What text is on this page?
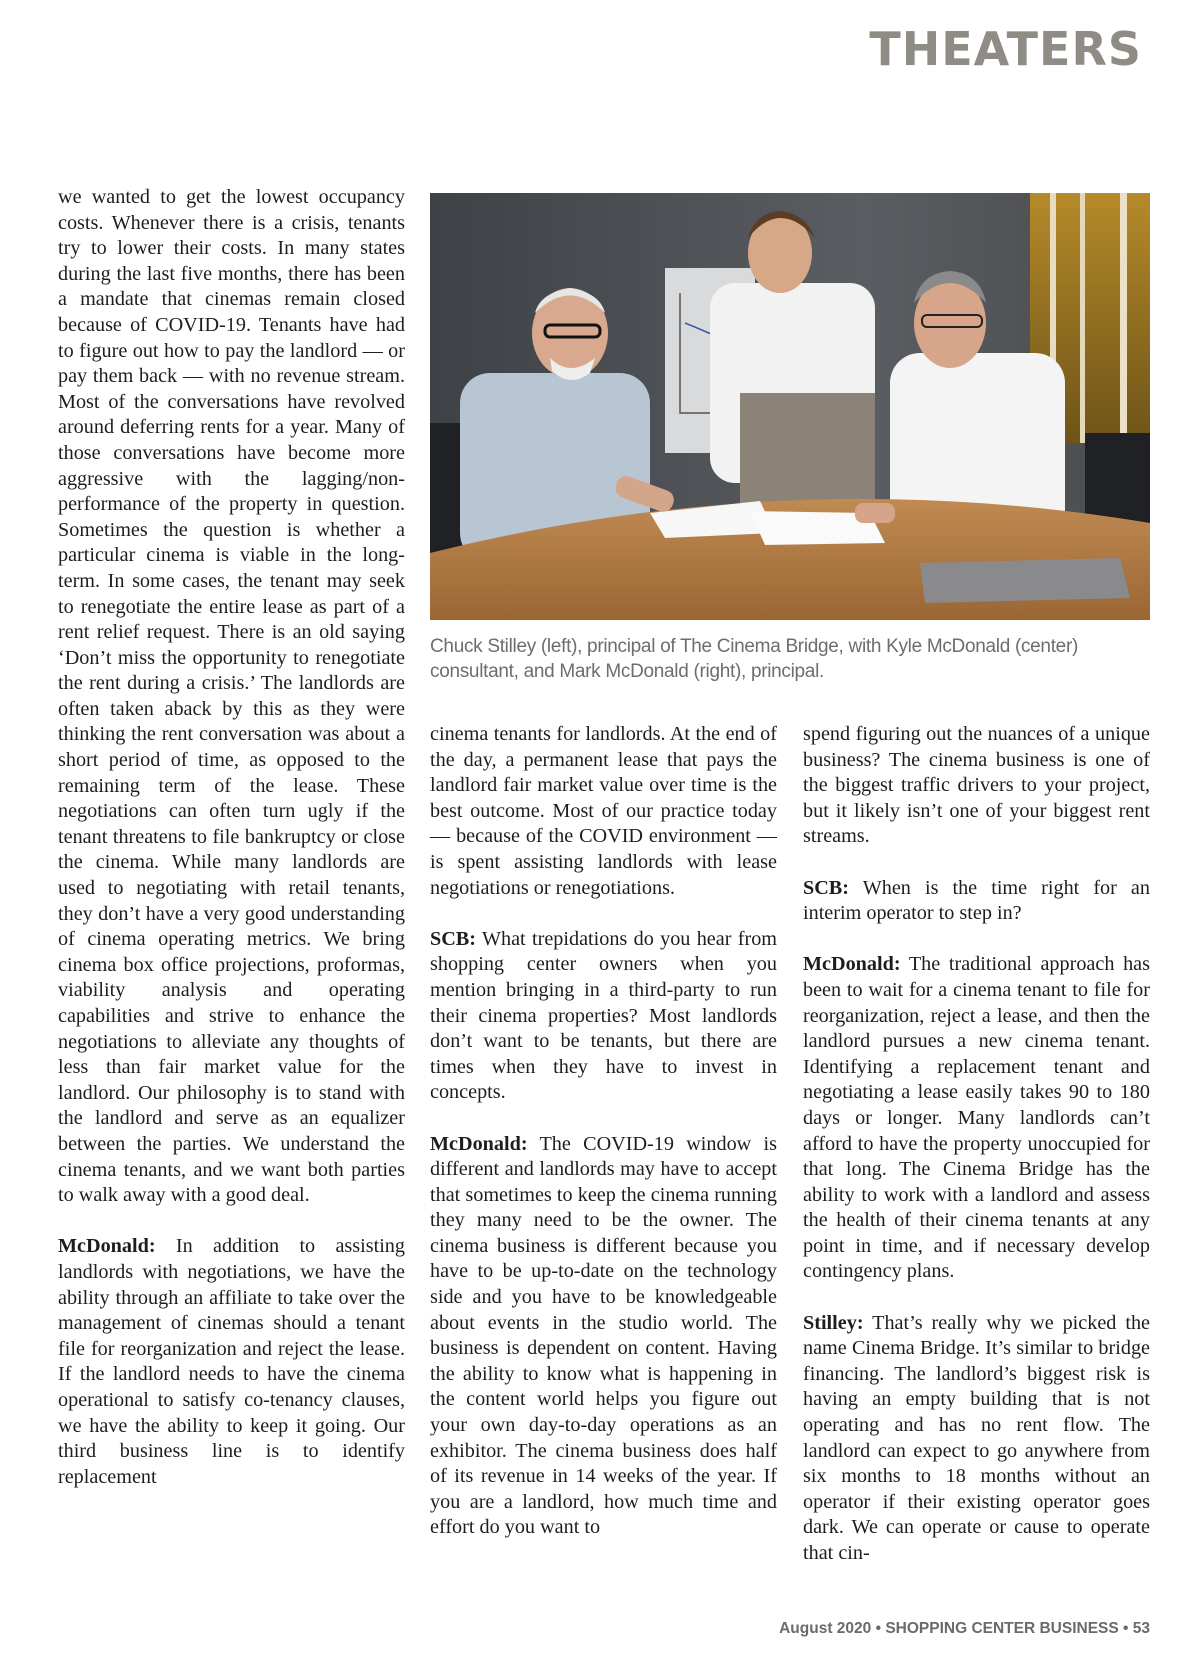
THEATERS

we wanted to get the lowest occupancy costs. Whenever there is a crisis, tenants try to lower their costs. In many states during the last five months, there has been a mandate that cinemas remain closed because of COVID-19. Tenants have had to figure out how to pay the landlord — or pay them back — with no revenue stream. Most of the conversations have revolved around deferring rents for a year. Many of those conversations have become more aggressive with the lagging/non-performance of the property in question. Sometimes the question is whether a particular cinema is viable in the long-term. In some cases, the tenant may seek to renegotiate the entire lease as part of a rent relief request. There is an old saying ‘Don’t miss the opportunity to renegotiate the rent during a crisis.’ The landlords are often taken aback by this as they were thinking the rent conversation was about a short period of time, as opposed to the remaining term of the lease. These negotiations can often turn ugly if the tenant threatens to file bankruptcy or close the cinema. While many landlords are used to negotiating with retail tenants, they don’t have a very good understanding of cinema operating metrics. We bring cinema box office projections, proformas, viability analysis and operating capabilities and strive to enhance the negotiations to alleviate any thoughts of less than fair market value for the landlord. Our philosophy is to stand with the landlord and serve as an equalizer between the parties. We understand the cinema tenants, and we want both parties to walk away with a good deal.

McDonald: In addition to assisting landlords with negotiations, we have the ability through an affiliate to take over the management of cinemas should a tenant file for reorganization and reject the lease. If the landlord needs to have the cinema operational to satisfy co-tenancy clauses, we have the ability to keep it going. Our third business line is to identify replacement

Chuck Stilley (left), principal of The Cinema Bridge, with Kyle McDonald (center) consultant, and Mark McDonald (right), principal.

cinema tenants for landlords. At the end of the day, a permanent lease that pays the landlord fair market value over time is the best outcome. Most of our practice today — because of the COVID environment — is spent assisting landlords with lease negotiations or renegotiations.

SCB: What trepidations do you hear from shopping center owners when you mention bringing in a third-party to run their cinema properties? Most landlords don’t want to be tenants, but there are times when they have to invest in concepts.

McDonald: The COVID-19 window is different and landlords may have to accept that sometimes to keep the cinema running they many need to be the owner. The cinema business is different because you have to be up-to-date on the technology side and you have to be knowledgeable about events in the studio world. The business is dependent on content. Having the ability to know what is happening in the content world helps you figure out your own day-to-day operations as an exhibitor. The cinema business does half of its revenue in 14 weeks of the year. If you are a landlord, how much time and effort do you want to

spend figuring out the nuances of a unique business? The cinema business is one of the biggest traffic drivers to your project, but it likely isn’t one of your biggest rent streams.

SCB: When is the time right for an interim operator to step in?

McDonald: The traditional approach has been to wait for a cinema tenant to file for reorganization, reject a lease, and then the landlord pursues a new cinema tenant. Identifying a replacement tenant and negotiating a lease easily takes 90 to 180 days or longer. Many landlords can’t afford to have the property unoccupied for that long. The Cinema Bridge has the ability to work with a landlord and assess the health of their cinema tenants at any point in time, and if necessary develop contingency plans.

Stilley: That’s really why we picked the name Cinema Bridge. It’s similar to bridge financing. The landlord’s biggest risk is having an empty building that is not operating and has no rent flow. The landlord can expect to go anywhere from six months to 18 months without an operator if their existing operator goes dark. We can operate or cause to operate that cin-

August 2020 • SHOPPING CENTER BUSINESS • 53
